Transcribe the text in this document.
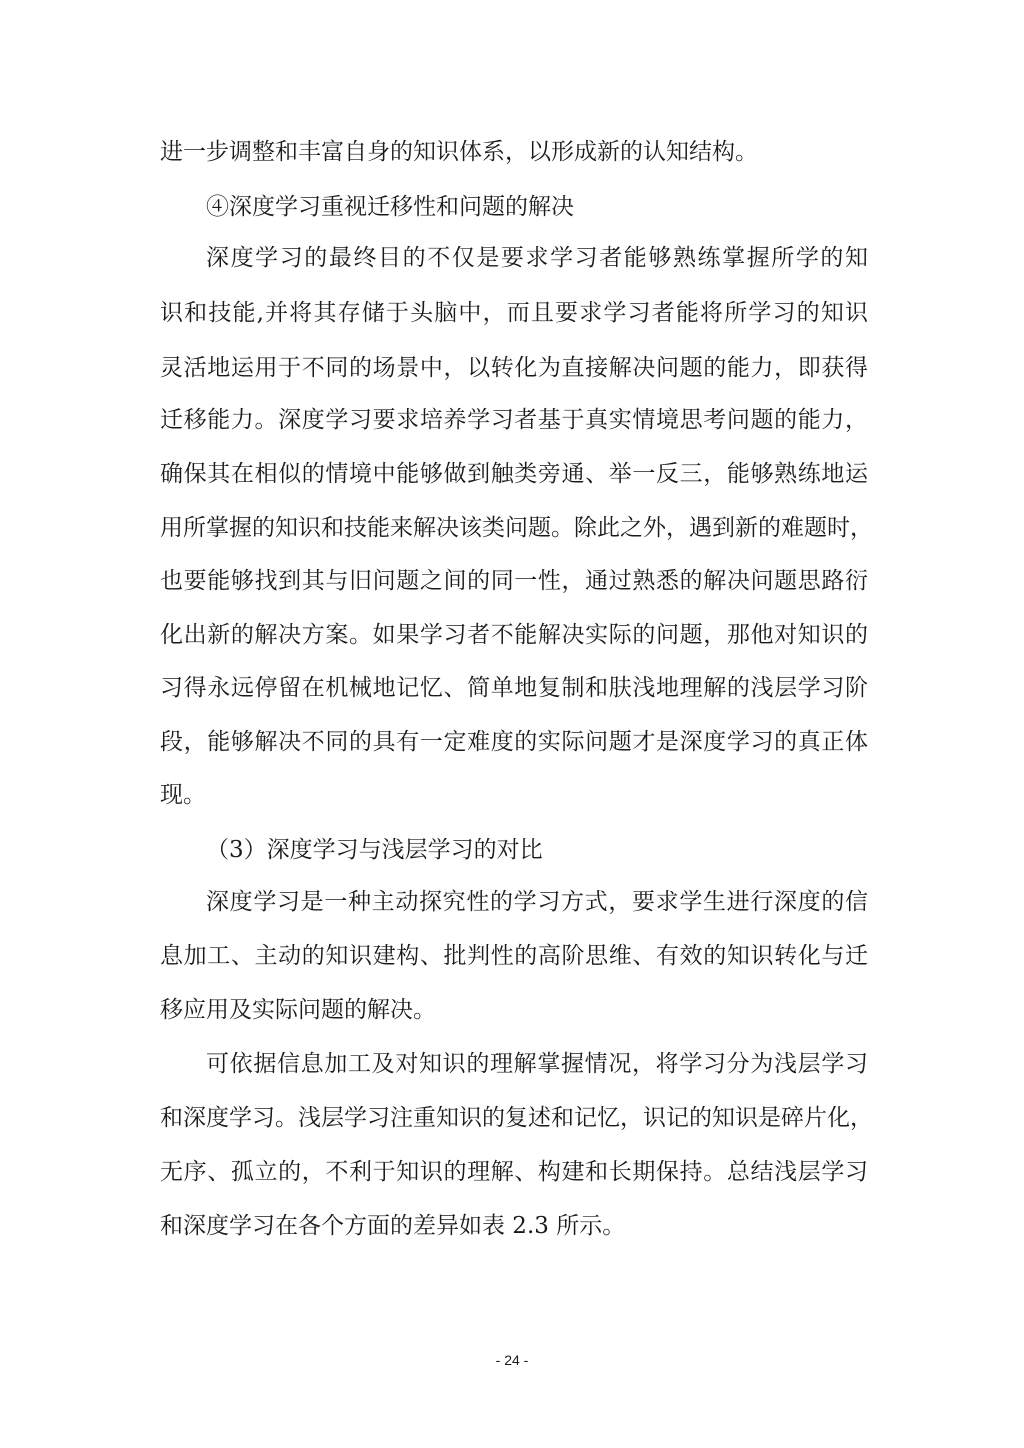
进一步调整和丰富自身的知识体系，以形成新的认知结构。
④深度学习重视迁移性和问题的解决
深度学习的最终目的不仅是要求学习者能够熟练掌握所学的知
识和技能,并将其存储于头脑中，而且要求学习者能将所学习的知识
灵活地运用于不同的场景中，以转化为直接解决问题的能力，即获得
迁移能力。深度学习要求培养学习者基于真实情境思考问题的能力，
确保其在相似的情境中能够做到触类旁通、举一反三，能够熟练地运
用所掌握的知识和技能来解决该类问题。除此之外，遇到新的难题时，
也要能够找到其与旧问题之间的同一性，通过熟悉的解决问题思路衍
化出新的解决方案。如果学习者不能解决实际的问题，那他对知识的
习得永远停留在机械地记忆、简单地复制和肤浅地理解的浅层学习阶
段，能够解决不同的具有一定难度的实际问题才是深度学习的真正体
现。
（3）深度学习与浅层学习的对比
深度学习是一种主动探究性的学习方式，要求学生进行深度的信
息加工、主动的知识建构、批判性的高阶思维、有效的知识转化与迁
移应用及实际问题的解决。
可依据信息加工及对知识的理解掌握情况，将学习分为浅层学习
和深度学习。浅层学习注重知识的复述和记忆，识记的知识是碎片化，
无序、孤立的，不利于知识的理解、构建和长期保持。总结浅层学习
和深度学习在各个方面的差异如表 2.3 所示。
- 24 -
